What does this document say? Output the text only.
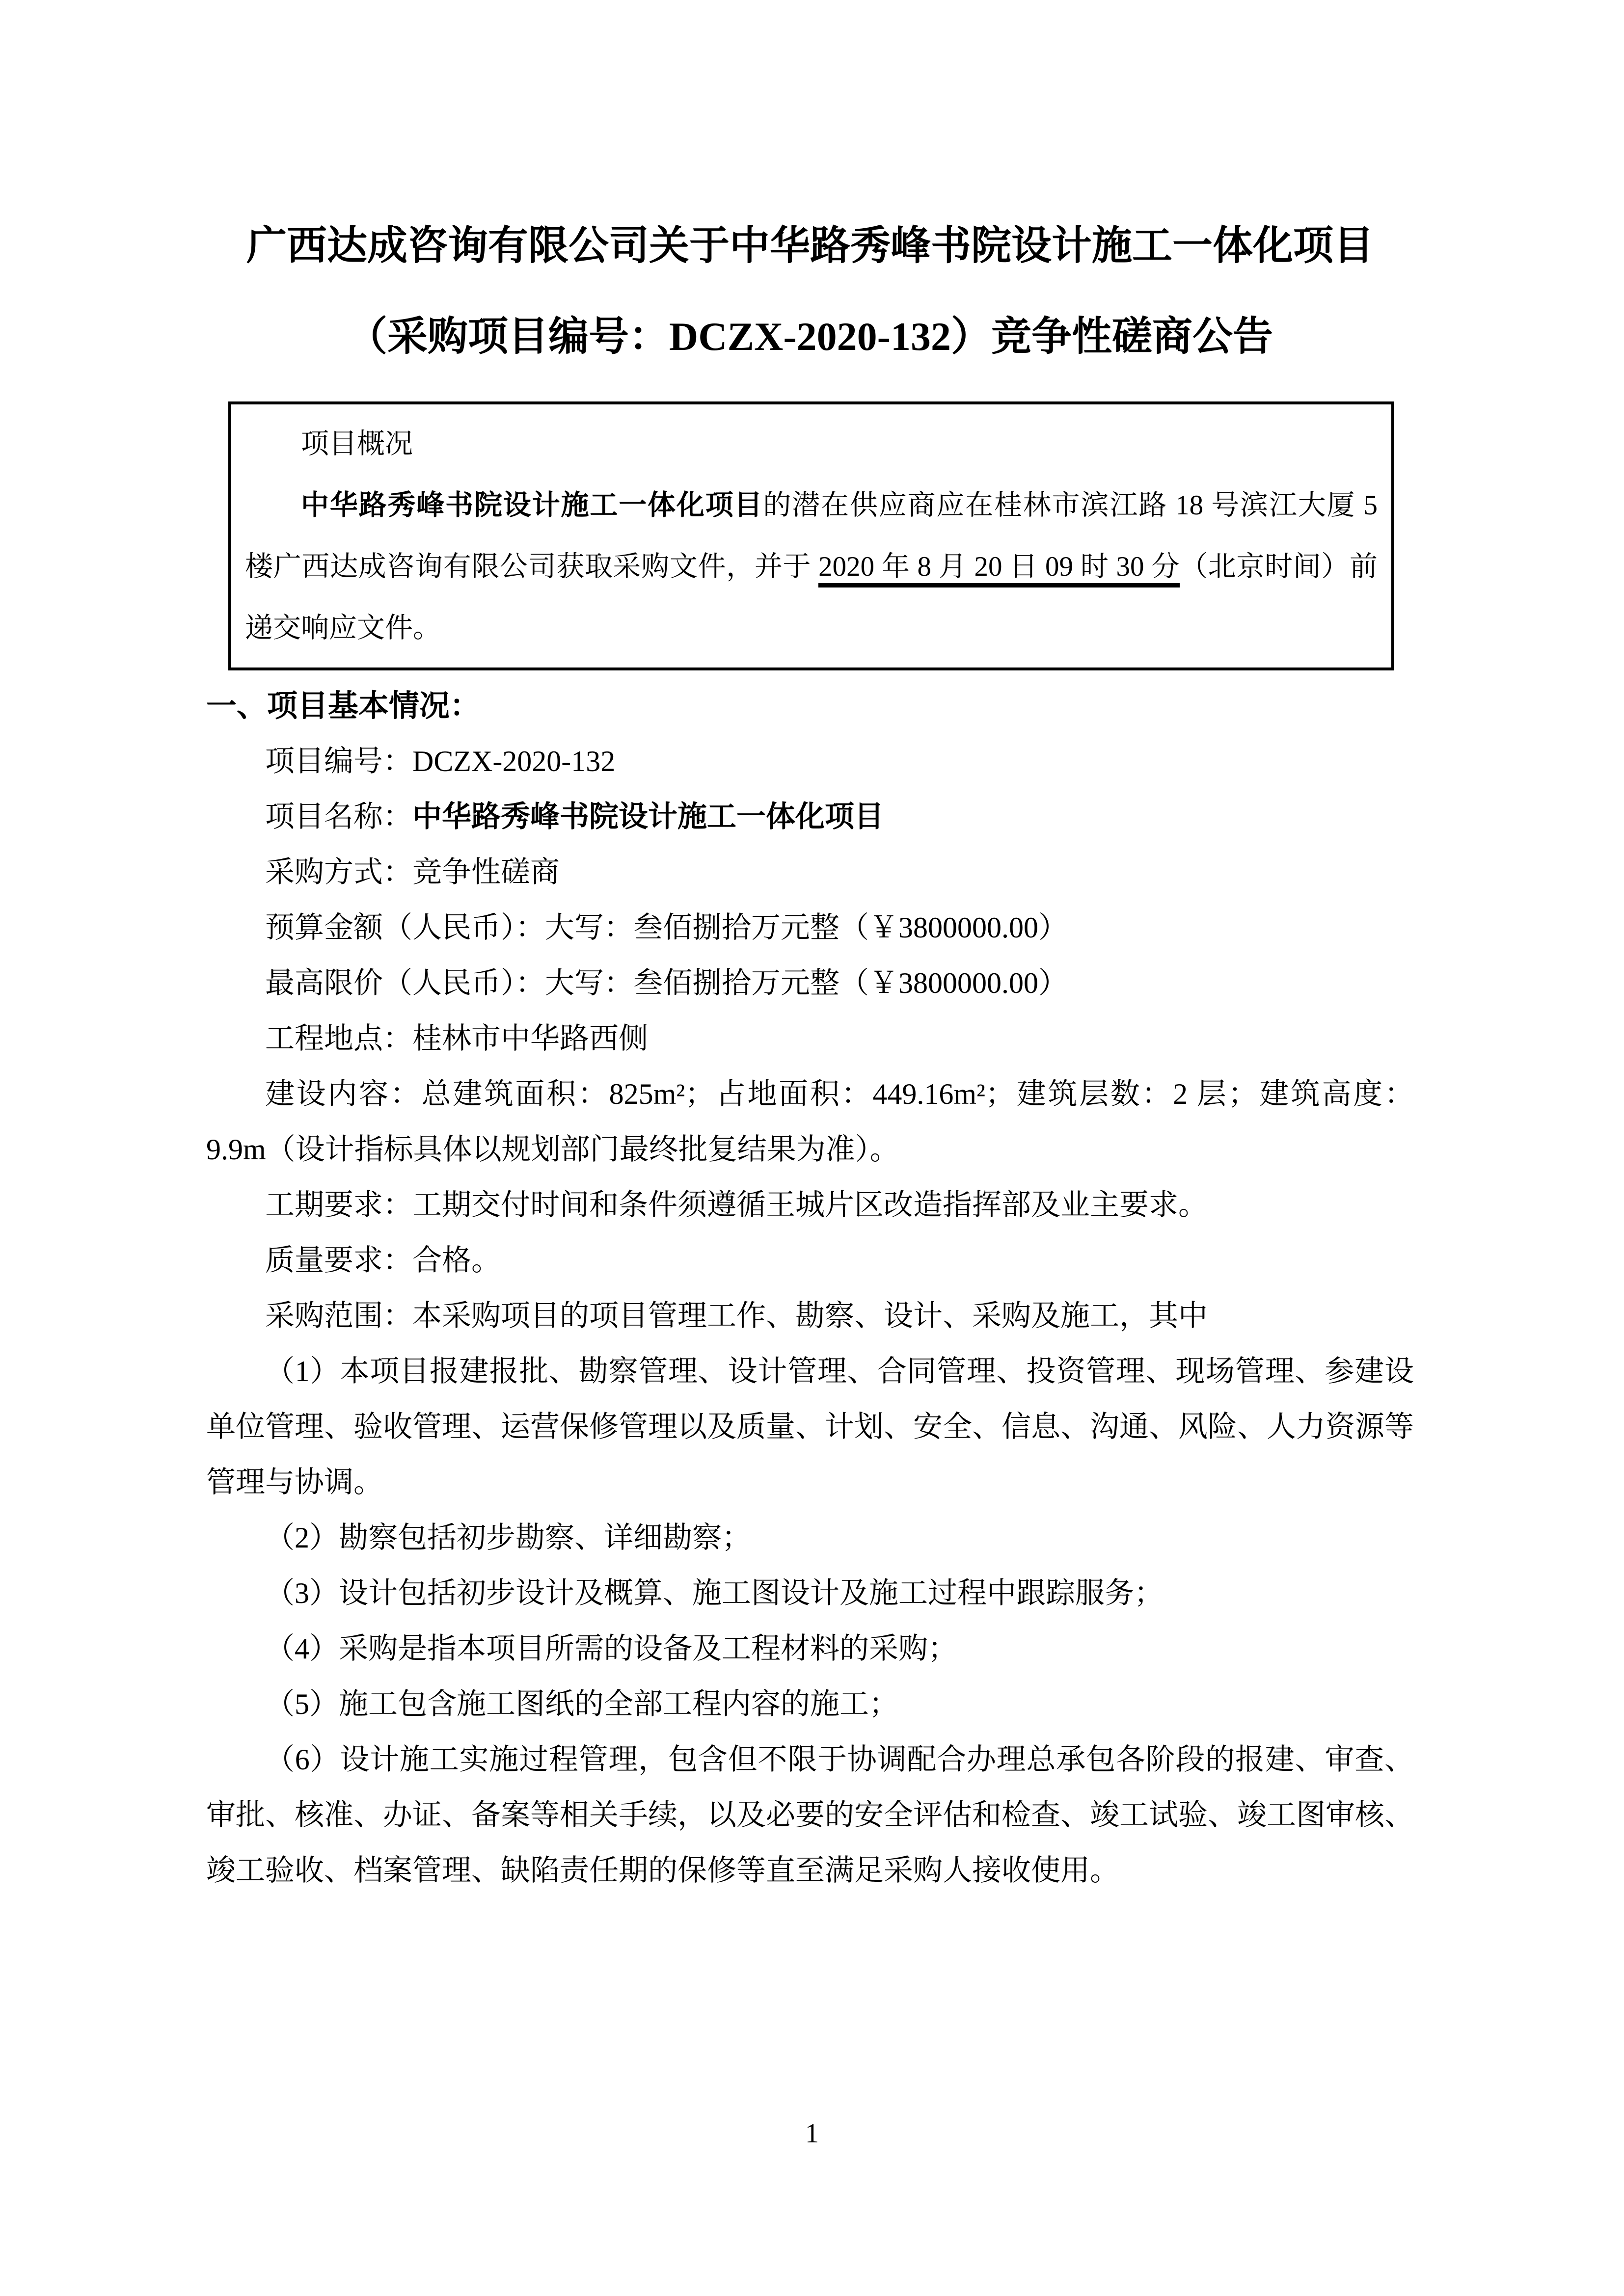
广西达成咨询有限公司关于中华路秀峰书院设计施工一体化项目
（采购项目编号：DCZX-2020-132）竞争性磋商公告

项目概况

中华路秀峰书院设计施工一体化项目的潜在供应商应在桂林市滨江路 18 号滨江大厦 5 楼广西达成咨询有限公司获取采购文件，并于 2020 年 8 月 20 日 09 时 30 分（北京时间）前递交响应文件。

一、项目基本情况：

项目编号：DCZX-2020-132

项目名称：中华路秀峰书院设计施工一体化项目

采购方式：竞争性磋商

预算金额（人民币）：大写：叁佰捌拾万元整（￥3800000.00）

最高限价（人民币）：大写：叁佰捌拾万元整（￥3800000.00）

工程地点：桂林市中华路西侧

建设内容：总建筑面积：825m²；占地面积：449.16m²；建筑层数：2 层；建筑高度：9.9m（设计指标具体以规划部门最终批复结果为准）。

工期要求：工期交付时间和条件须遵循王城片区改造指挥部及业主要求。

质量要求：合格。

采购范围：本采购项目的项目管理工作、勘察、设计、采购及施工，其中

（1）本项目报建报批、勘察管理、设计管理、合同管理、投资管理、现场管理、参建设单位管理、验收管理、运营保修管理以及质量、计划、安全、信息、沟通、风险、人力资源等管理与协调。

（2）勘察包括初步勘察、详细勘察；

（3）设计包括初步设计及概算、施工图设计及施工过程中跟踪服务；

（4）采购是指本项目所需的设备及工程材料的采购；

（5）施工包含施工图纸的全部工程内容的施工；

（6）设计施工实施过程管理，包含但不限于协调配合办理总承包各阶段的报建、审查、审批、核准、办证、备案等相关手续，以及必要的安全评估和检查、竣工试验、竣工图审核、竣工验收、档案管理、缺陷责任期的保修等直至满足采购人接收使用。

1
